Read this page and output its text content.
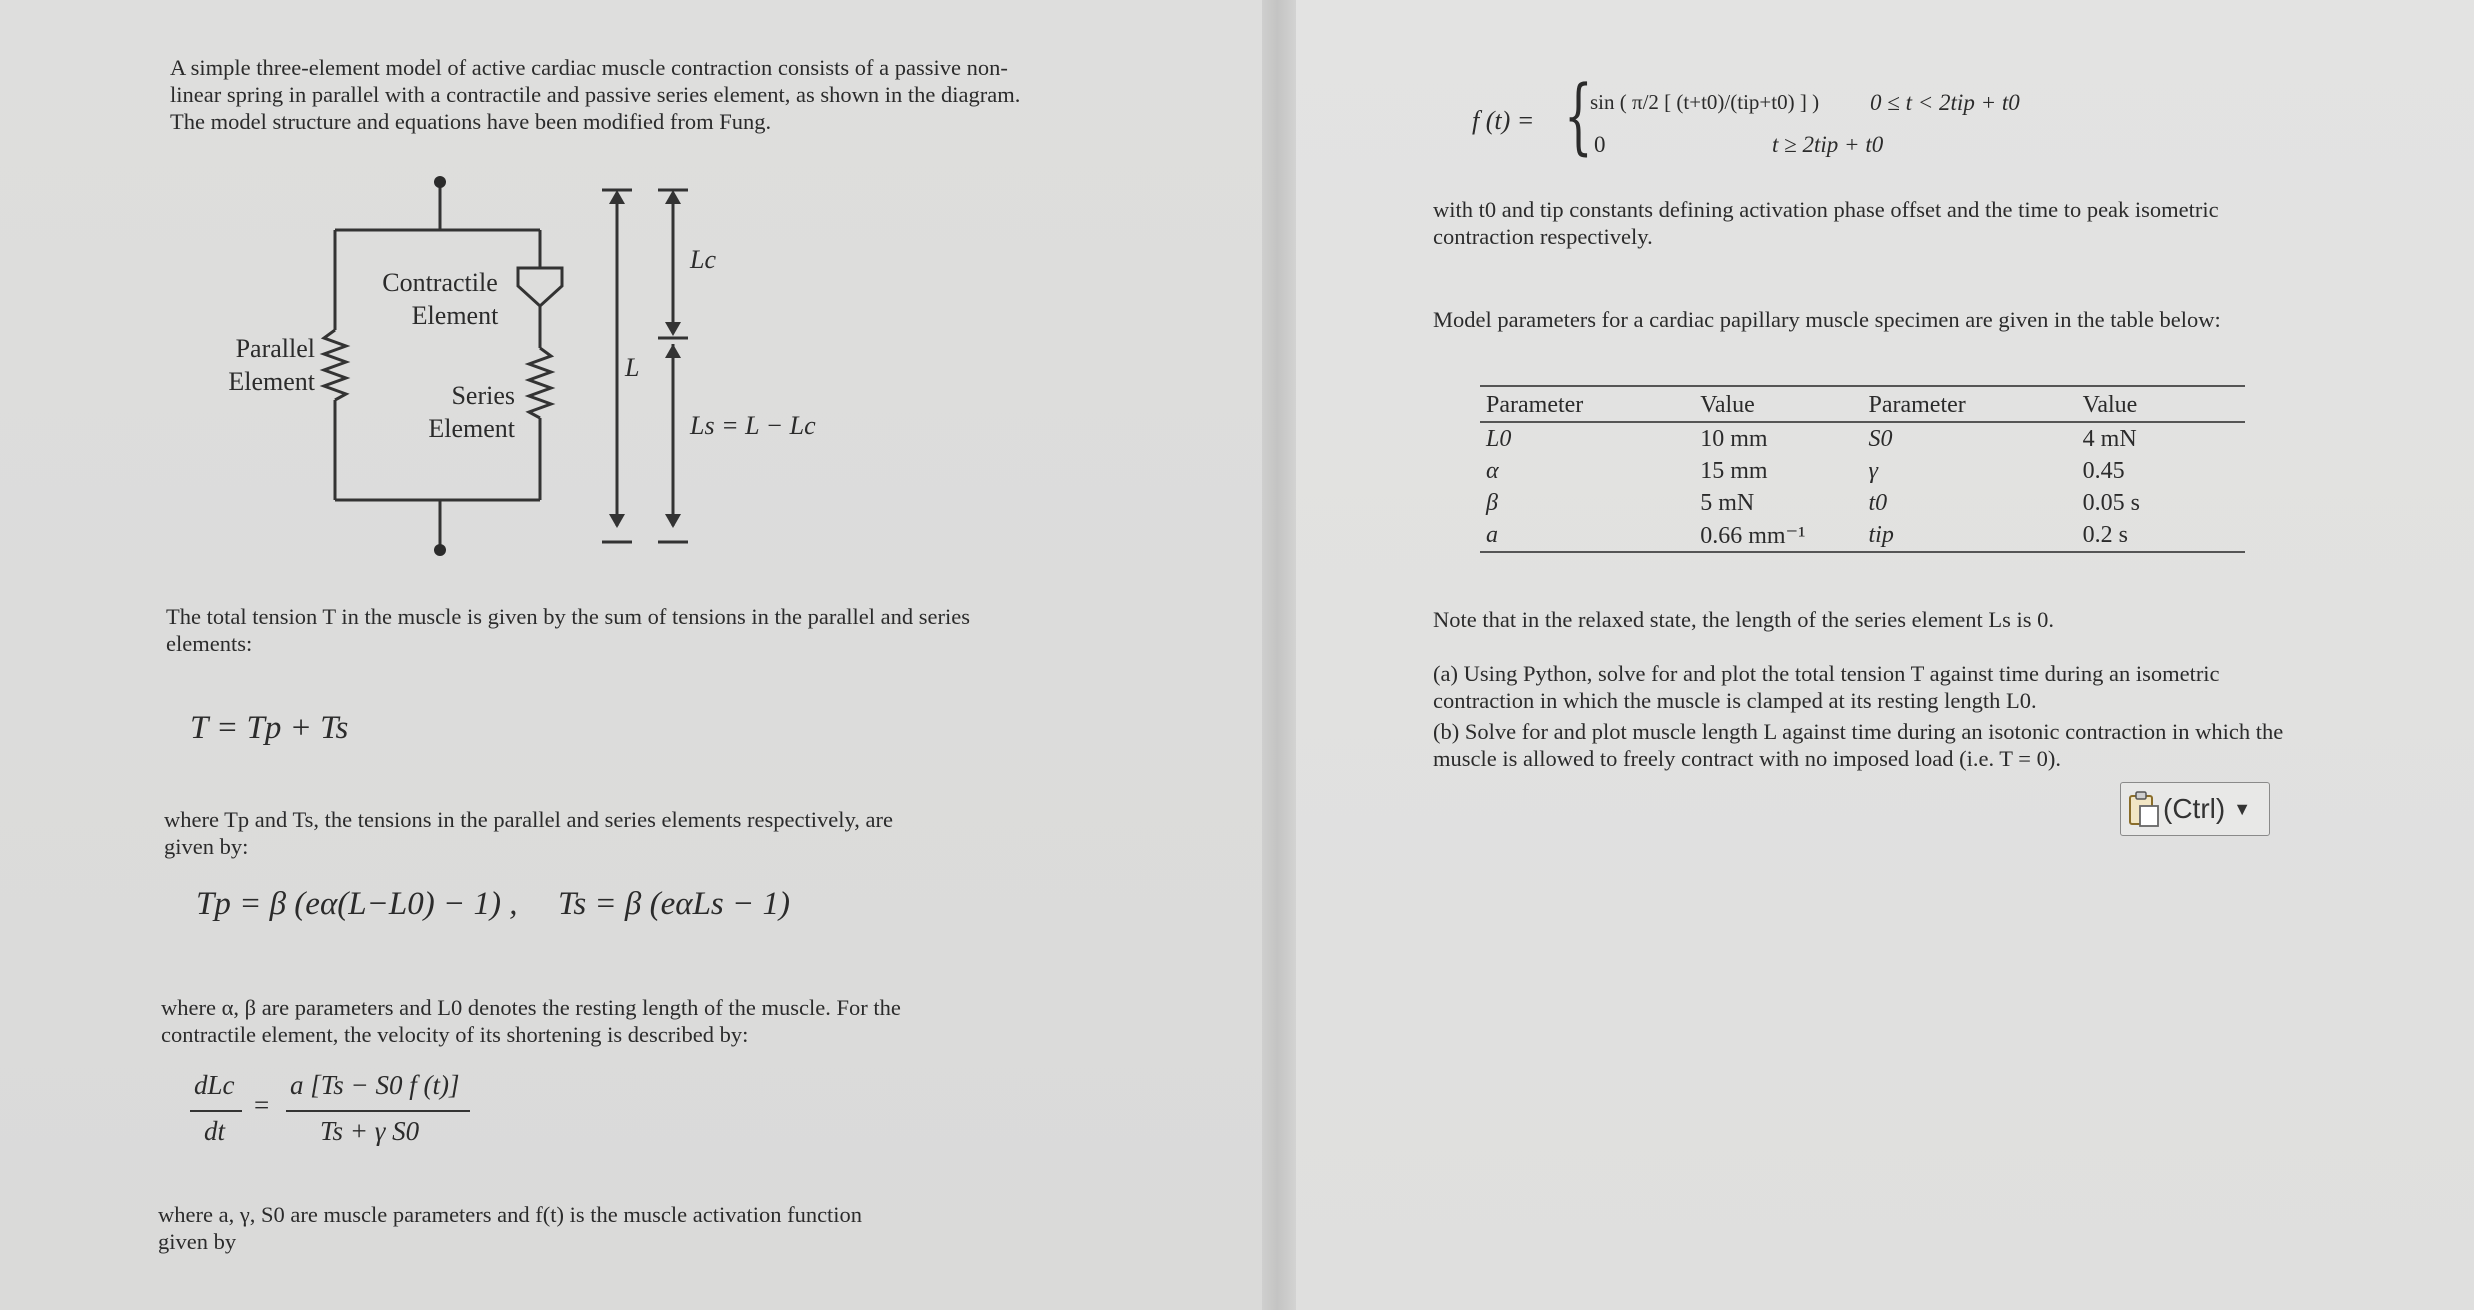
A simple three-element model of active cardiac muscle contraction consists of a passive non-
linear spring in parallel with a contractile and passive series element, as shown in the diagram.
The model structure and equations have been modified from Fung.
Parallel
Element
Contractile
Element
Series
Element
L
Lc
Ls = L − Lc
The total tension T in the muscle is given by the sum of tensions in the parallel and series
elements:
T = Tp + Ts
where Tp and Ts, the tensions in the parallel and series elements respectively, are
given by:
Tp = β (eα(L−L0) − 1) , Ts = β (eαLs − 1)
where α, β are parameters and L0 denotes the resting length of the muscle. For the
contractile element, the velocity of its shortening is described by:
dLc
dt
=
a [Ts − S0 f (t)]
Ts + γ S0
where a, γ, S0 are muscle parameters and f(t) is the muscle activation function
given by
f (t) = {
sin ( π/2 [ (t+t0)/(tip+t0) ] ) 0 ≤ t < 2tip + t0
0	t ≥ 2tip + t0
with t0 and tip constants defining activation phase offset and the time to peak isometric
contraction respectively.
Model parameters for a cardiac papillary muscle specimen are given in the table below:
Parameter	Value	Parameter	Value
L0	10 mm	S0	4 mN
α	15 mm	γ	0.45
β	5 mN	t0	0.05 s
a	0.66 mm⁻¹	tip	0.2 s
Note that in the relaxed state, the length of the series element Ls is 0.
(a) Using Python, solve for and plot the total tension T against time during an isometric
contraction in which the muscle is clamped at its resting length L0.
(b) Solve for and plot muscle length L against time during an isotonic contraction in which the
muscle is allowed to freely contract with no imposed load (i.e. T = 0).
(Ctrl) ▼
